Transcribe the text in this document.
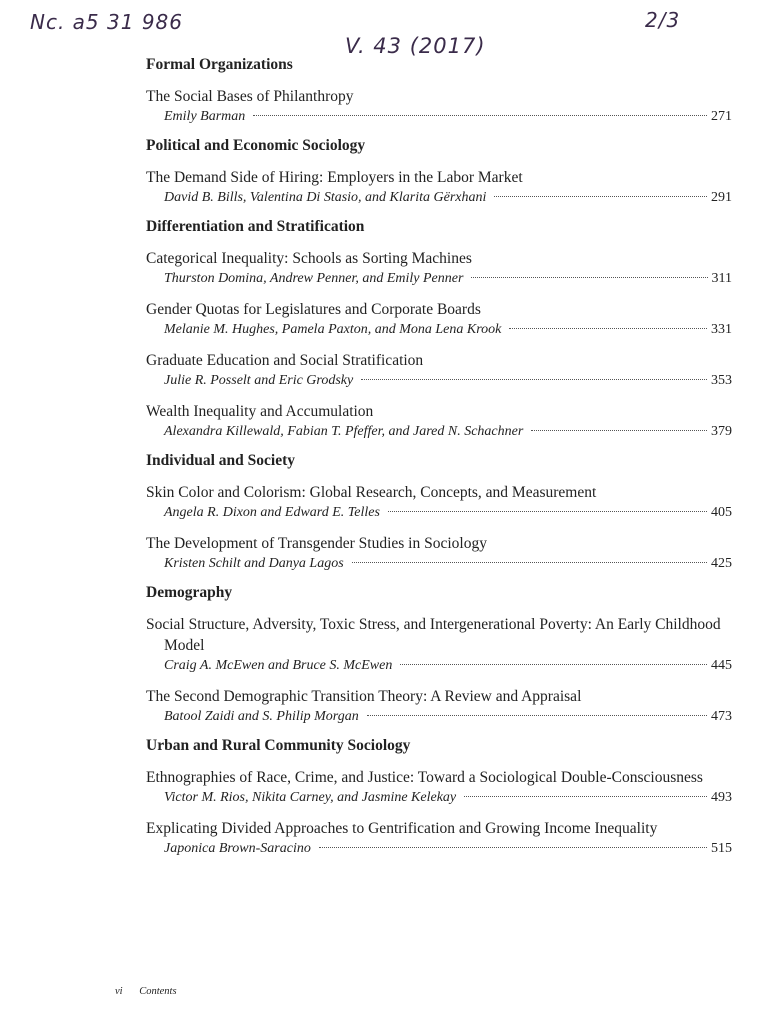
Nc. a5 31 986
V. 43 (2017)
2/3
Formal Organizations
The Social Bases of Philanthropy
Emily Barman	271
Political and Economic Sociology
The Demand Side of Hiring: Employers in the Labor Market
David B. Bills, Valentina Di Stasio, and Klarita Gërxhani	291
Differentiation and Stratification
Categorical Inequality: Schools as Sorting Machines
Thurston Domina, Andrew Penner, and Emily Penner	311
Gender Quotas for Legislatures and Corporate Boards
Melanie M. Hughes, Pamela Paxton, and Mona Lena Krook	331
Graduate Education and Social Stratification
Julie R. Posselt and Eric Grodsky	353
Wealth Inequality and Accumulation
Alexandra Killewald, Fabian T. Pfeffer, and Jared N. Schachner	379
Individual and Society
Skin Color and Colorism: Global Research, Concepts, and Measurement
Angela R. Dixon and Edward E. Telles	405
The Development of Transgender Studies in Sociology
Kristen Schilt and Danya Lagos	425
Demography
Social Structure, Adversity, Toxic Stress, and Intergenerational Poverty: An Early Childhood Model
Craig A. McEwen and Bruce S. McEwen	445
The Second Demographic Transition Theory: A Review and Appraisal
Batool Zaidi and S. Philip Morgan	473
Urban and Rural Community Sociology
Ethnographies of Race, Crime, and Justice: Toward a Sociological Double-Consciousness
Victor M. Rios, Nikita Carney, and Jasmine Kelekay	493
Explicating Divided Approaches to Gentrification and Growing Income Inequality
Japonica Brown-Saracino	515
vi Contents
